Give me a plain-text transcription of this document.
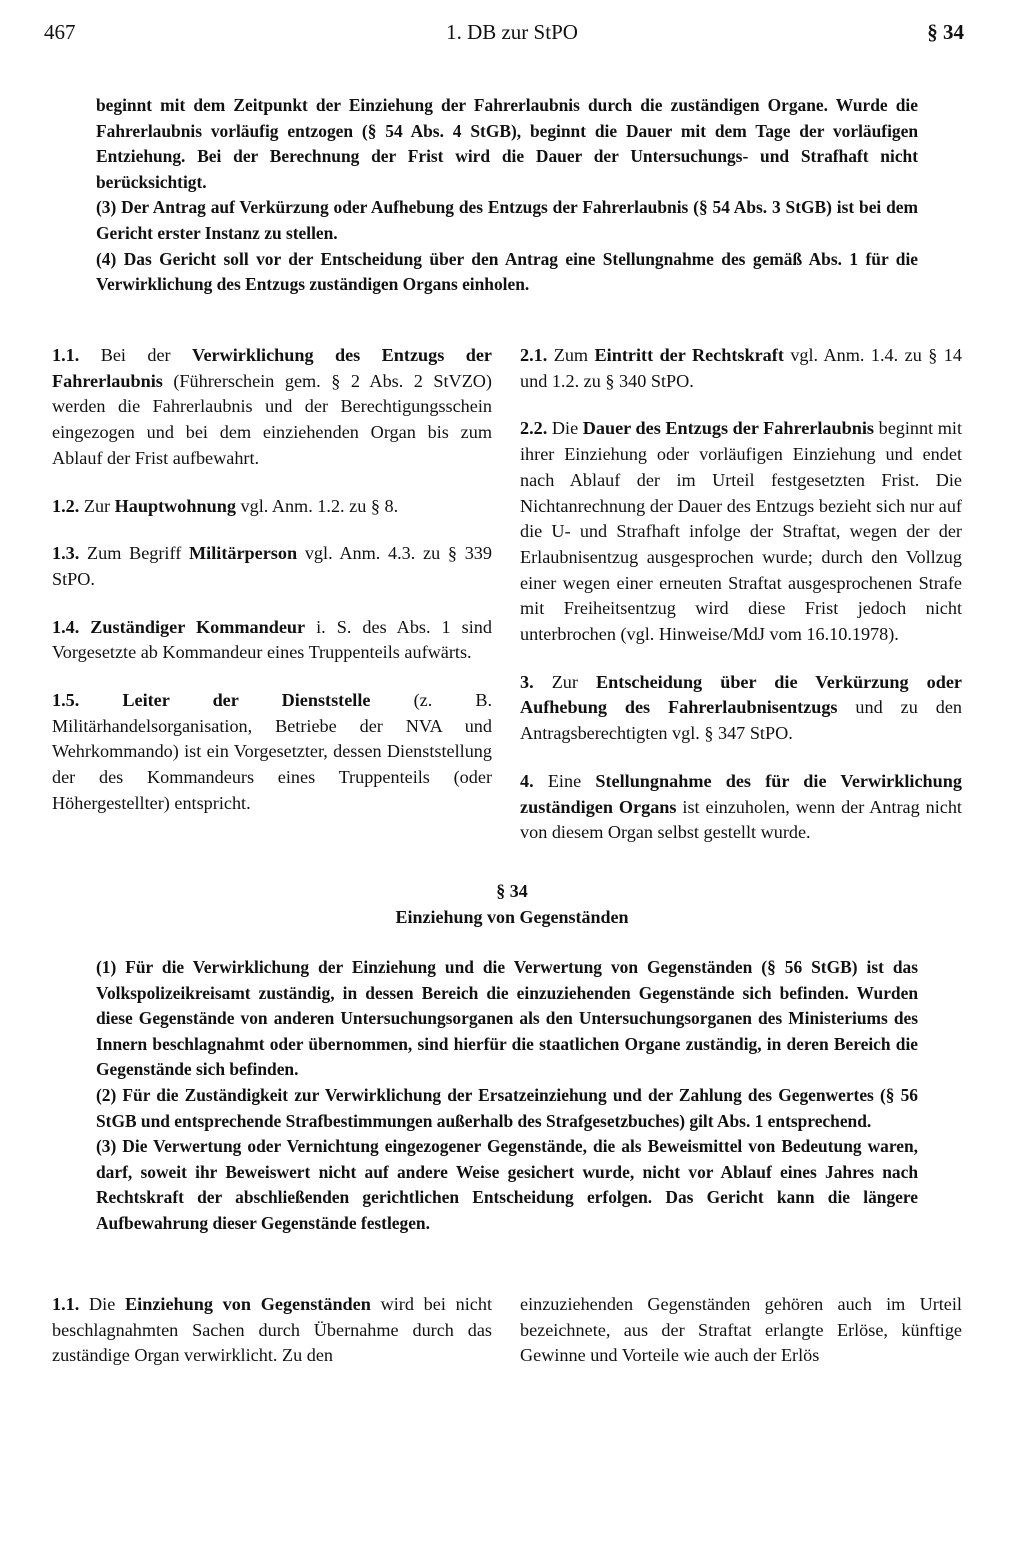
467	1. DB zur StPO	§ 34

beginnt mit dem Zeitpunkt der Einziehung der Fahrerlaubnis durch die zuständigen Organe. Wurde die Fahrerlaubnis vorläufig entzogen (§ 54 Abs. 4 StGB), beginnt die Dauer mit dem Tage der vorläufigen Entziehung. Bei der Berechnung der Frist wird die Dauer der Untersuchungs- und Strafhaft nicht berücksichtigt.

(3) Der Antrag auf Verkürzung oder Aufhebung des Entzugs der Fahrerlaubnis (§ 54 Abs. 3 StGB) ist bei dem Gericht erster Instanz zu stellen.

(4) Das Gericht soll vor der Entscheidung über den Antrag eine Stellungnahme des gemäß Abs. 1 für die Verwirklichung des Entzugs zuständigen Organs einholen.

1.1. Bei der Verwirklichung des Entzugs der Fahrerlaubnis (Führerschein gem. § 2 Abs. 2 StVZO) werden die Fahrerlaubnis und der Berechtigungsschein eingezogen und bei dem einziehenden Organ bis zum Ablauf der Frist aufbewahrt.

1.2. Zur Hauptwohnung vgl. Anm. 1.2. zu § 8.

1.3. Zum Begriff Militärperson vgl. Anm. 4.3. zu § 339 StPO.

1.4. Zuständiger Kommandeur i. S. des Abs. 1 sind Vorgesetzte ab Kommandeur eines Truppenteils aufwärts.

1.5. Leiter der Dienststelle (z. B. Militärhandelsorganisation, Betriebe der NVA und Wehrkommando) ist ein Vorgesetzter, dessen Dienststellung der des Kommandeurs eines Truppenteils (oder Höhergestellter) entspricht.

2.1. Zum Eintritt der Rechtskraft vgl. Anm. 1.4. zu § 14 und 1.2. zu § 340 StPO.

2.2. Die Dauer des Entzugs der Fahrerlaubnis beginnt mit ihrer Einziehung oder vorläufigen Einziehung und endet nach Ablauf der im Urteil festgesetzten Frist. Die Nichtanrechnung der Dauer des Entzugs bezieht sich nur auf die U- und Strafhaft infolge der Straftat, wegen der der Erlaubnisentzug ausgesprochen wurde; durch den Vollzug einer wegen einer erneuten Straftat ausgesprochenen Strafe mit Freiheitsentzug wird diese Frist jedoch nicht unterbrochen (vgl. Hinweise/MdJ vom 16.10.1978).

3. Zur Entscheidung über die Verkürzung oder Aufhebung des Fahrerlaubnisentzugs und zu den Antragsberechtigten vgl. § 347 StPO.

4. Eine Stellungnahme des für die Verwirklichung zuständigen Organs ist einzuholen, wenn der Antrag nicht von diesem Organ selbst gestellt wurde.

§ 34
Einziehung von Gegenständen

(1) Für die Verwirklichung der Einziehung und die Verwertung von Gegenständen (§ 56 StGB) ist das Volkspolizeikreisamt zuständig, in dessen Bereich die einzuziehenden Gegenstände sich befinden. Wurden diese Gegenstände von anderen Untersuchungsorganen als den Untersuchungsorganen des Ministeriums des Innern beschlagnahmt oder übernommen, sind hierfür die staatlichen Organe zuständig, in deren Bereich die Gegenstände sich befinden.

(2) Für die Zuständigkeit zur Verwirklichung der Ersatzeinziehung und der Zahlung des Gegenwertes (§ 56 StGB und entsprechende Strafbestimmungen außerhalb des Strafgesetzbuches) gilt Abs. 1 entsprechend.

(3) Die Verwertung oder Vernichtung eingezogener Gegenstände, die als Beweismittel von Bedeutung waren, darf, soweit ihr Beweiswert nicht auf andere Weise gesichert wurde, nicht vor Ablauf eines Jahres nach Rechtskraft der abschließenden gerichtlichen Entscheidung erfolgen. Das Gericht kann die längere Aufbewahrung dieser Gegenstände festlegen.

1.1. Die Einziehung von Gegenständen wird bei nicht beschlagnahmten Sachen durch Übernahme durch das zuständige Organ verwirklicht. Zu den

einzuziehenden Gegenständen gehören auch im Urteil bezeichnete, aus der Straftat erlangte Erlöse, künftige Gewinne und Vorteile wie auch der Erlös
